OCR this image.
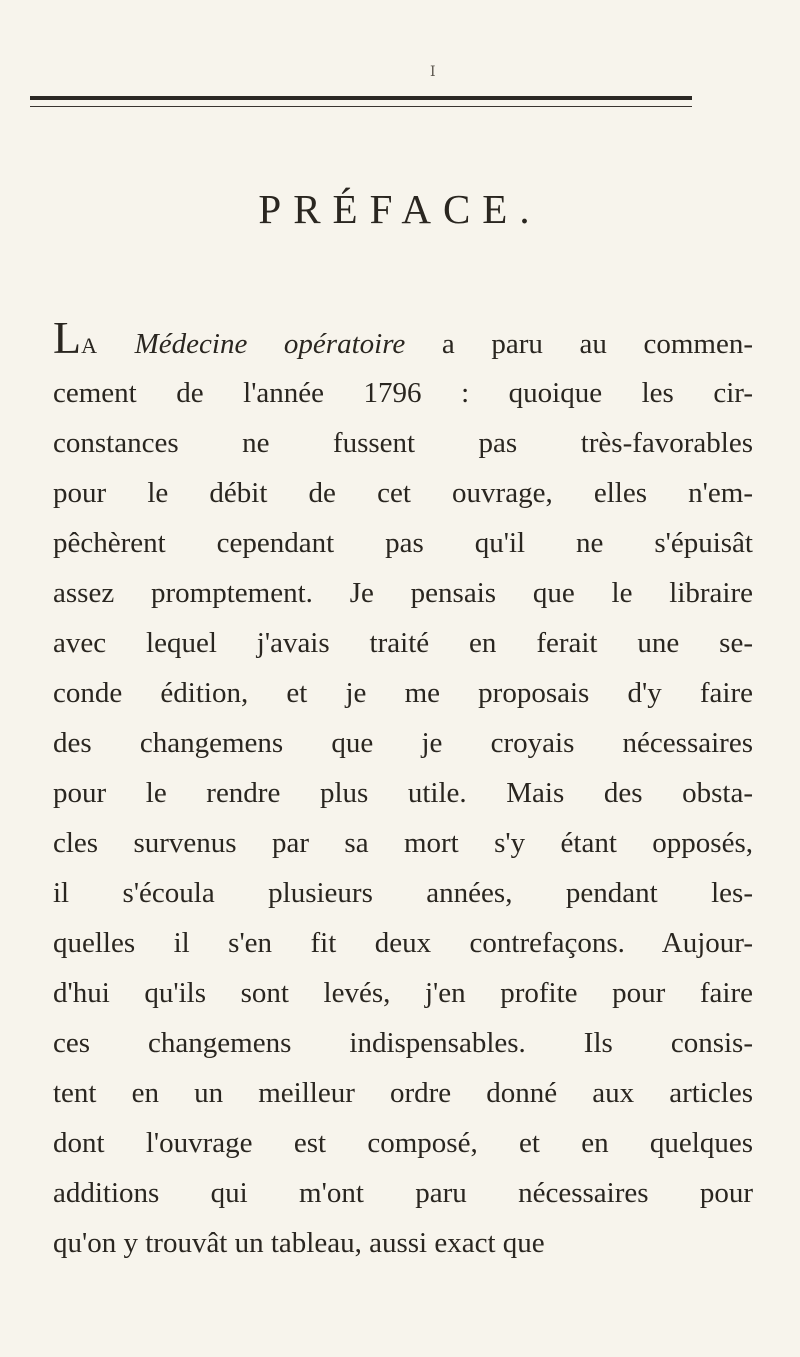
PRÉFACE.
LA Médecine opératoire a paru au commen-
cement de l'année 1796 : quoique les cir-
constances ne fussent pas très-favorables
pour le débit de cet ouvrage, elles n'em-
pêchèrent cependant pas qu'il ne s'épuisât
assez promptement. Je pensais que le libraire
avec lequel j'avais traité en ferait une se-
conde édition, et je me proposais d'y faire
des changemens que je croyais nécessaires
pour le rendre plus utile. Mais des obsta-
cles survenus par sa mort s'y étant opposés,
il s'écoula plusieurs années, pendant les-
quelles il s'en fit deux contrefaçons. Aujour-
d'hui qu'ils sont levés, j'en profite pour faire
ces changemens indispensables. Ils consis-
tent en un meilleur ordre donné aux articles
dont l'ouvrage est composé, et en quelques
additions qui m'ont paru nécessaires pour
qu'on y trouvât un tableau, aussi exact que
I
